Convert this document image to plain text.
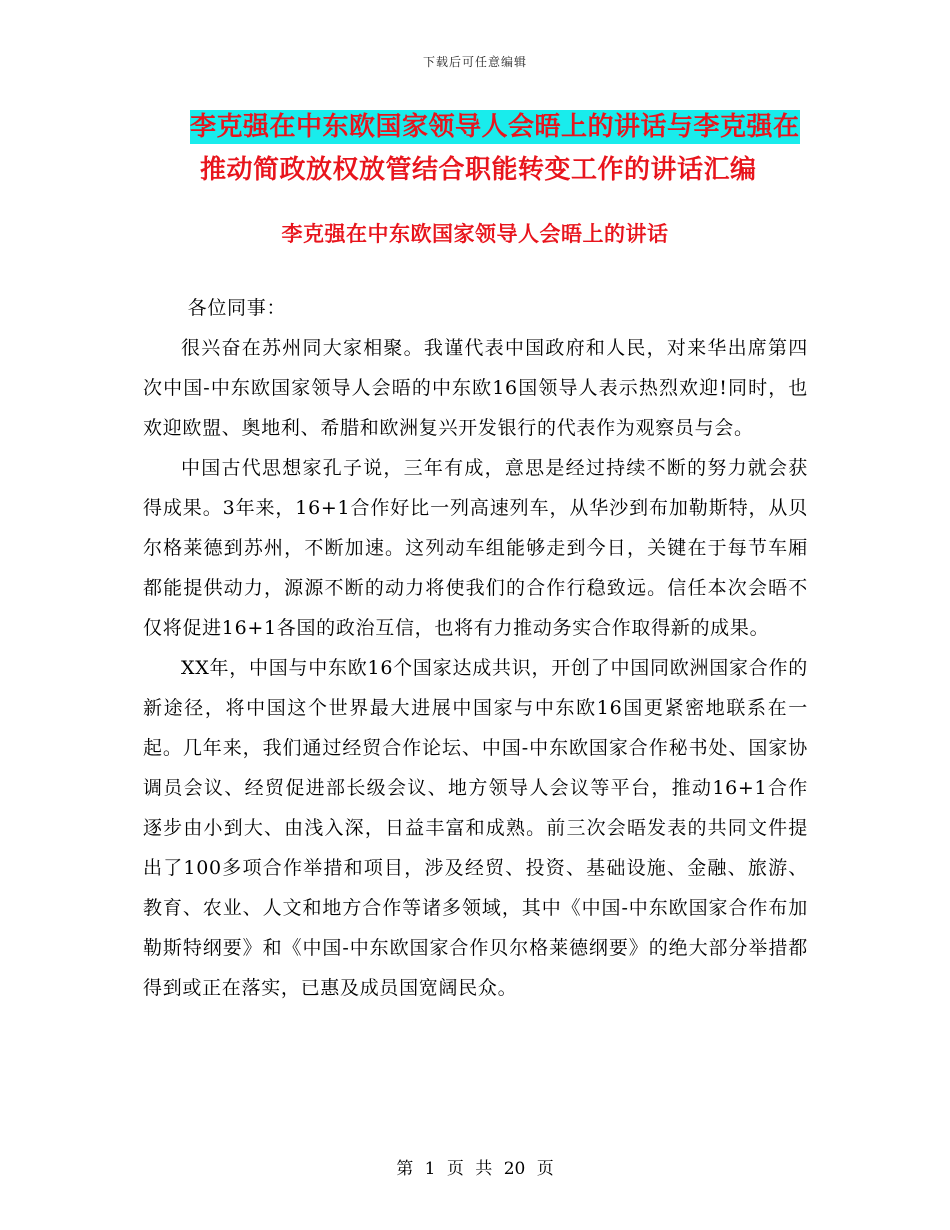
下载后可任意编辑
李克强在中东欧国家领导人会晤上的讲话与李克强在
推动简政放权放管结合职能转变工作的讲话汇编
李克强在中东欧国家领导人会晤上的讲话

各位同事：

很兴奋在苏州同大家相聚。我谨代表中国政府和人民，对来华出席第四次中国-中东欧国家领导人会晤的中东欧16国领导人表示热烈欢迎!同时，也欢迎欧盟、奥地利、希腊和欧洲复兴开发银行的代表作为观察员与会。

中国古代思想家孔子说，三年有成，意思是经过持续不断的努力就会获得成果。3年来，16+1合作好比一列高速列车，从华沙到布加勒斯特，从贝尔格莱德到苏州，不断加速。这列动车组能够走到今日，关键在于每节车厢都能提供动力，源源不断的动力将使我们的合作行稳致远。信任本次会晤不仅将促进16+1各国的政治互信，也将有力推动务实合作取得新的成果。

XX年，中国与中东欧16个国家达成共识，开创了中国同欧洲国家合作的新途径，将中国这个世界最大进展中国家与中东欧16国更紧密地联系在一起。几年来，我们通过经贸合作论坛、中国-中东欧国家合作秘书处、国家协调员会议、经贸促进部长级会议、地方领导人会议等平台，推动16+1合作逐步由小到大、由浅入深，日益丰富和成熟。前三次会晤发表的共同文件提出了100多项合作举措和项目，涉及经贸、投资、基础设施、金融、旅游、教育、农业、人文和地方合作等诸多领域，其中《中国-中东欧国家合作布加勒斯特纲要》和《中国-中东欧国家合作贝尔格莱德纲要》的绝大部分举措都得到或正在落实，已惠及成员国宽阔民众。

第 1 页 共 20 页
